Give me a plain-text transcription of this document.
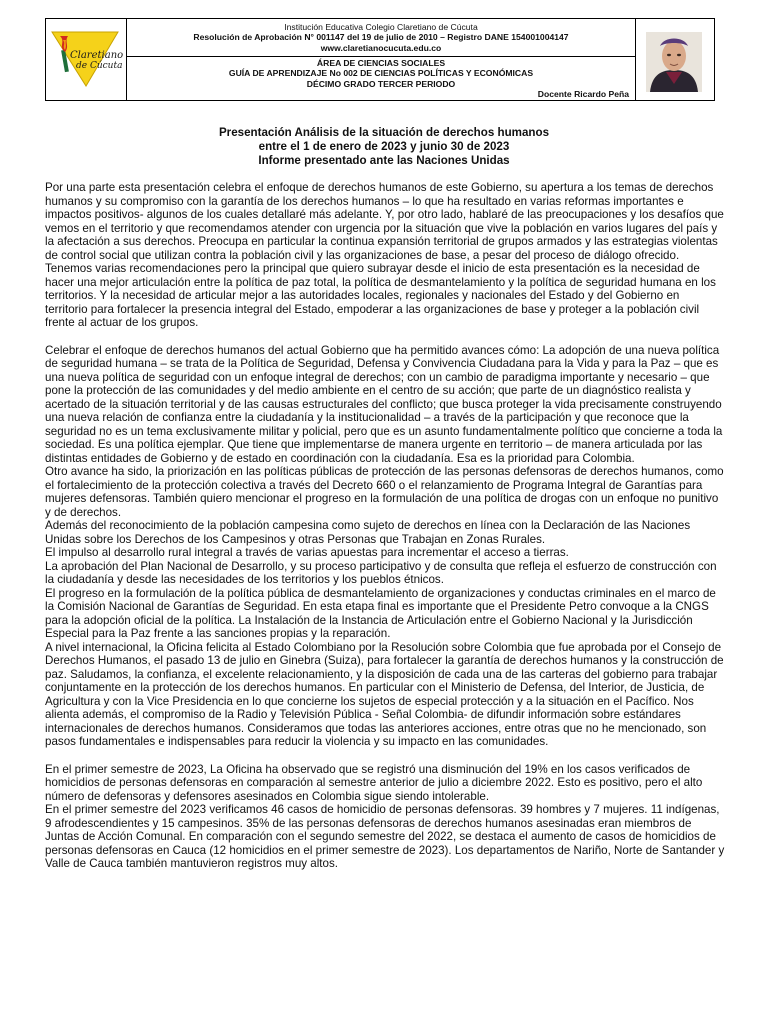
Claretiano
de Cúcuta

Institución Educativa Colegio Claretiano de Cúcuta
Resolución de Aprobación N° 001147 del 19 de julio de 2010 – Registro DANE 154001004147
www.claretianocucuta.edu.co

ÁREA DE CIENCIAS SOCIALES
GUÍA DE APRENDIZAJE No 002 DE CIENCIAS POLÍTICAS Y ECONÓMICAS
DÉCIMO GRADO TERCER PERIODO
Docente Ricardo Peña
Presentación Análisis de la situación de derechos humanos
entre el 1 de enero de 2023 y junio 30 de 2023
Informe presentado ante las Naciones Unidas

Por una parte esta presentación celebra el enfoque de derechos humanos de este Gobierno, su apertura a los temas de derechos humanos y su compromiso con la garantía de los derechos humanos – lo que ha resultado en varias reformas importantes e impactos positivos- algunos de los cuales detallaré más adelante. Y, por otro lado, hablaré de las preocupaciones y los desafíos que vemos en el territorio y que recomendamos atender con urgencia por la situación que vive la población en varios lugares del país y la afectación a sus derechos. Preocupa en particular la continua expansión territorial de grupos armados y las estrategias violentas de control social que utilizan contra la población civil y las organizaciones de base, a pesar del proceso de diálogo ofrecido. Tenemos varias recomendaciones pero la principal que quiero subrayar desde el inicio de esta presentación es la necesidad de hacer una mejor articulación entre la política de paz total, la política de desmantelamiento y la política de seguridad humana en los territorios. Y la necesidad de articular mejor a las autoridades locales, regionales y nacionales del Estado y del Gobierno en territorio para fortalecer la presencia integral del Estado, empoderar a las organizaciones de base y proteger a la población civil frente al actuar de los grupos.

Celebrar el enfoque de derechos humanos del actual Gobierno que ha permitido avances cómo: La adopción de una nueva política de seguridad humana – se trata de la Política de Seguridad, Defensa y Convivencia Ciudadana para la Vida y para la Paz – que es una nueva política de seguridad con un enfoque integral de derechos; con un cambio de paradigma importante y necesario – que pone la protección de las comunidades y del medio ambiente en el centro de su acción; que parte de un diagnóstico realista y acertado de la situación territorial y de las causas estructurales del conflicto; que busca proteger la vida precisamente construyendo una nueva relación de confianza entre la ciudadanía y la institucionalidad – a través de la participación y que reconoce que la seguridad no es un tema exclusivamente militar y policial, pero que es un asunto fundamentalmente político que concierne a toda la sociedad. Es una política ejemplar. Que tiene que implementarse de manera urgente en territorio – de manera articulada por las distintas entidades de Gobierno y de estado en coordinación con la ciudadanía. Esa es la prioridad para Colombia.

Otro avance ha sido, la priorización en las políticas públicas de protección de las personas defensoras de derechos humanos, como el fortalecimiento de la protección colectiva a través del Decreto 660 o el relanzamiento de Programa Integral de Garantías para mujeres defensoras. También quiero mencionar el progreso en la formulación de una política de drogas con un enfoque no punitivo y de derechos.

Además del reconocimiento de la población campesina como sujeto de derechos en línea con la Declaración de las Naciones Unidas sobre los Derechos de los Campesinos y otras Personas que Trabajan en Zonas Rurales.

El impulso al desarrollo rural integral a través de varias apuestas para incrementar el acceso a tierras.

La aprobación del Plan Nacional de Desarrollo, y su proceso participativo y de consulta que refleja el esfuerzo de construcción con la ciudadanía y desde las necesidades de los territorios y los pueblos étnicos.

El progreso en la formulación de la política pública de desmantelamiento de organizaciones y conductas criminales en el marco de la Comisión Nacional de Garantías de Seguridad. En esta etapa final es importante que el Presidente Petro convoque a la CNGS para la adopción oficial de la política. La Instalación de la Instancia de Articulación entre el Gobierno Nacional y la Jurisdicción Especial para la Paz frente a las sanciones propias y la reparación.

A nivel internacional, la Oficina felicita al Estado Colombiano por la Resolución sobre Colombia que fue aprobada por el Consejo de Derechos Humanos, el pasado 13 de julio en Ginebra (Suiza), para fortalecer la garantía de derechos humanos y la construcción de paz. Saludamos, la confianza, el excelente relacionamiento, y la disposición de cada una de las carteras del gobierno para trabajar conjuntamente en la protección de los derechos humanos. En particular con el Ministerio de Defensa, del Interior, de Justicia, de Agricultura y con la Vice Presidencia en lo que concierne los sujetos de especial protección y a la situación en el Pacífico. Nos alienta además, el compromiso de la Radio y Televisión Pública - Señal Colombia- de difundir información sobre estándares internacionales de derechos humanos. Consideramos que todas las anteriores acciones, entre otras que no he mencionado, son pasos fundamentales e indispensables para reducir la violencia y su impacto en las comunidades.

En el primer semestre de 2023, La Oficina ha observado que se registró una disminución del 19% en los casos verificados de homicidios de personas defensoras en comparación al semestre anterior de julio a diciembre 2022. Esto es positivo, pero el alto número de defensoras y defensores asesinados en Colombia sigue siendo intolerable.

En el primer semestre del 2023 verificamos 46 casos de homicidio de personas defensoras. 39 hombres y 7 mujeres. 11 indígenas, 9 afrodescendientes y 15 campesinos. 35% de las personas defensoras de derechos humanos asesinadas eran miembros de Juntas de Acción Comunal. En comparación con el segundo semestre del 2022, se destaca el aumento de casos de homicidios de personas defensoras en Cauca (12 homicidios en el primer semestre de 2023). Los departamentos de Nariño, Norte de Santander y Valle de Cauca también mantuvieron registros muy altos.
